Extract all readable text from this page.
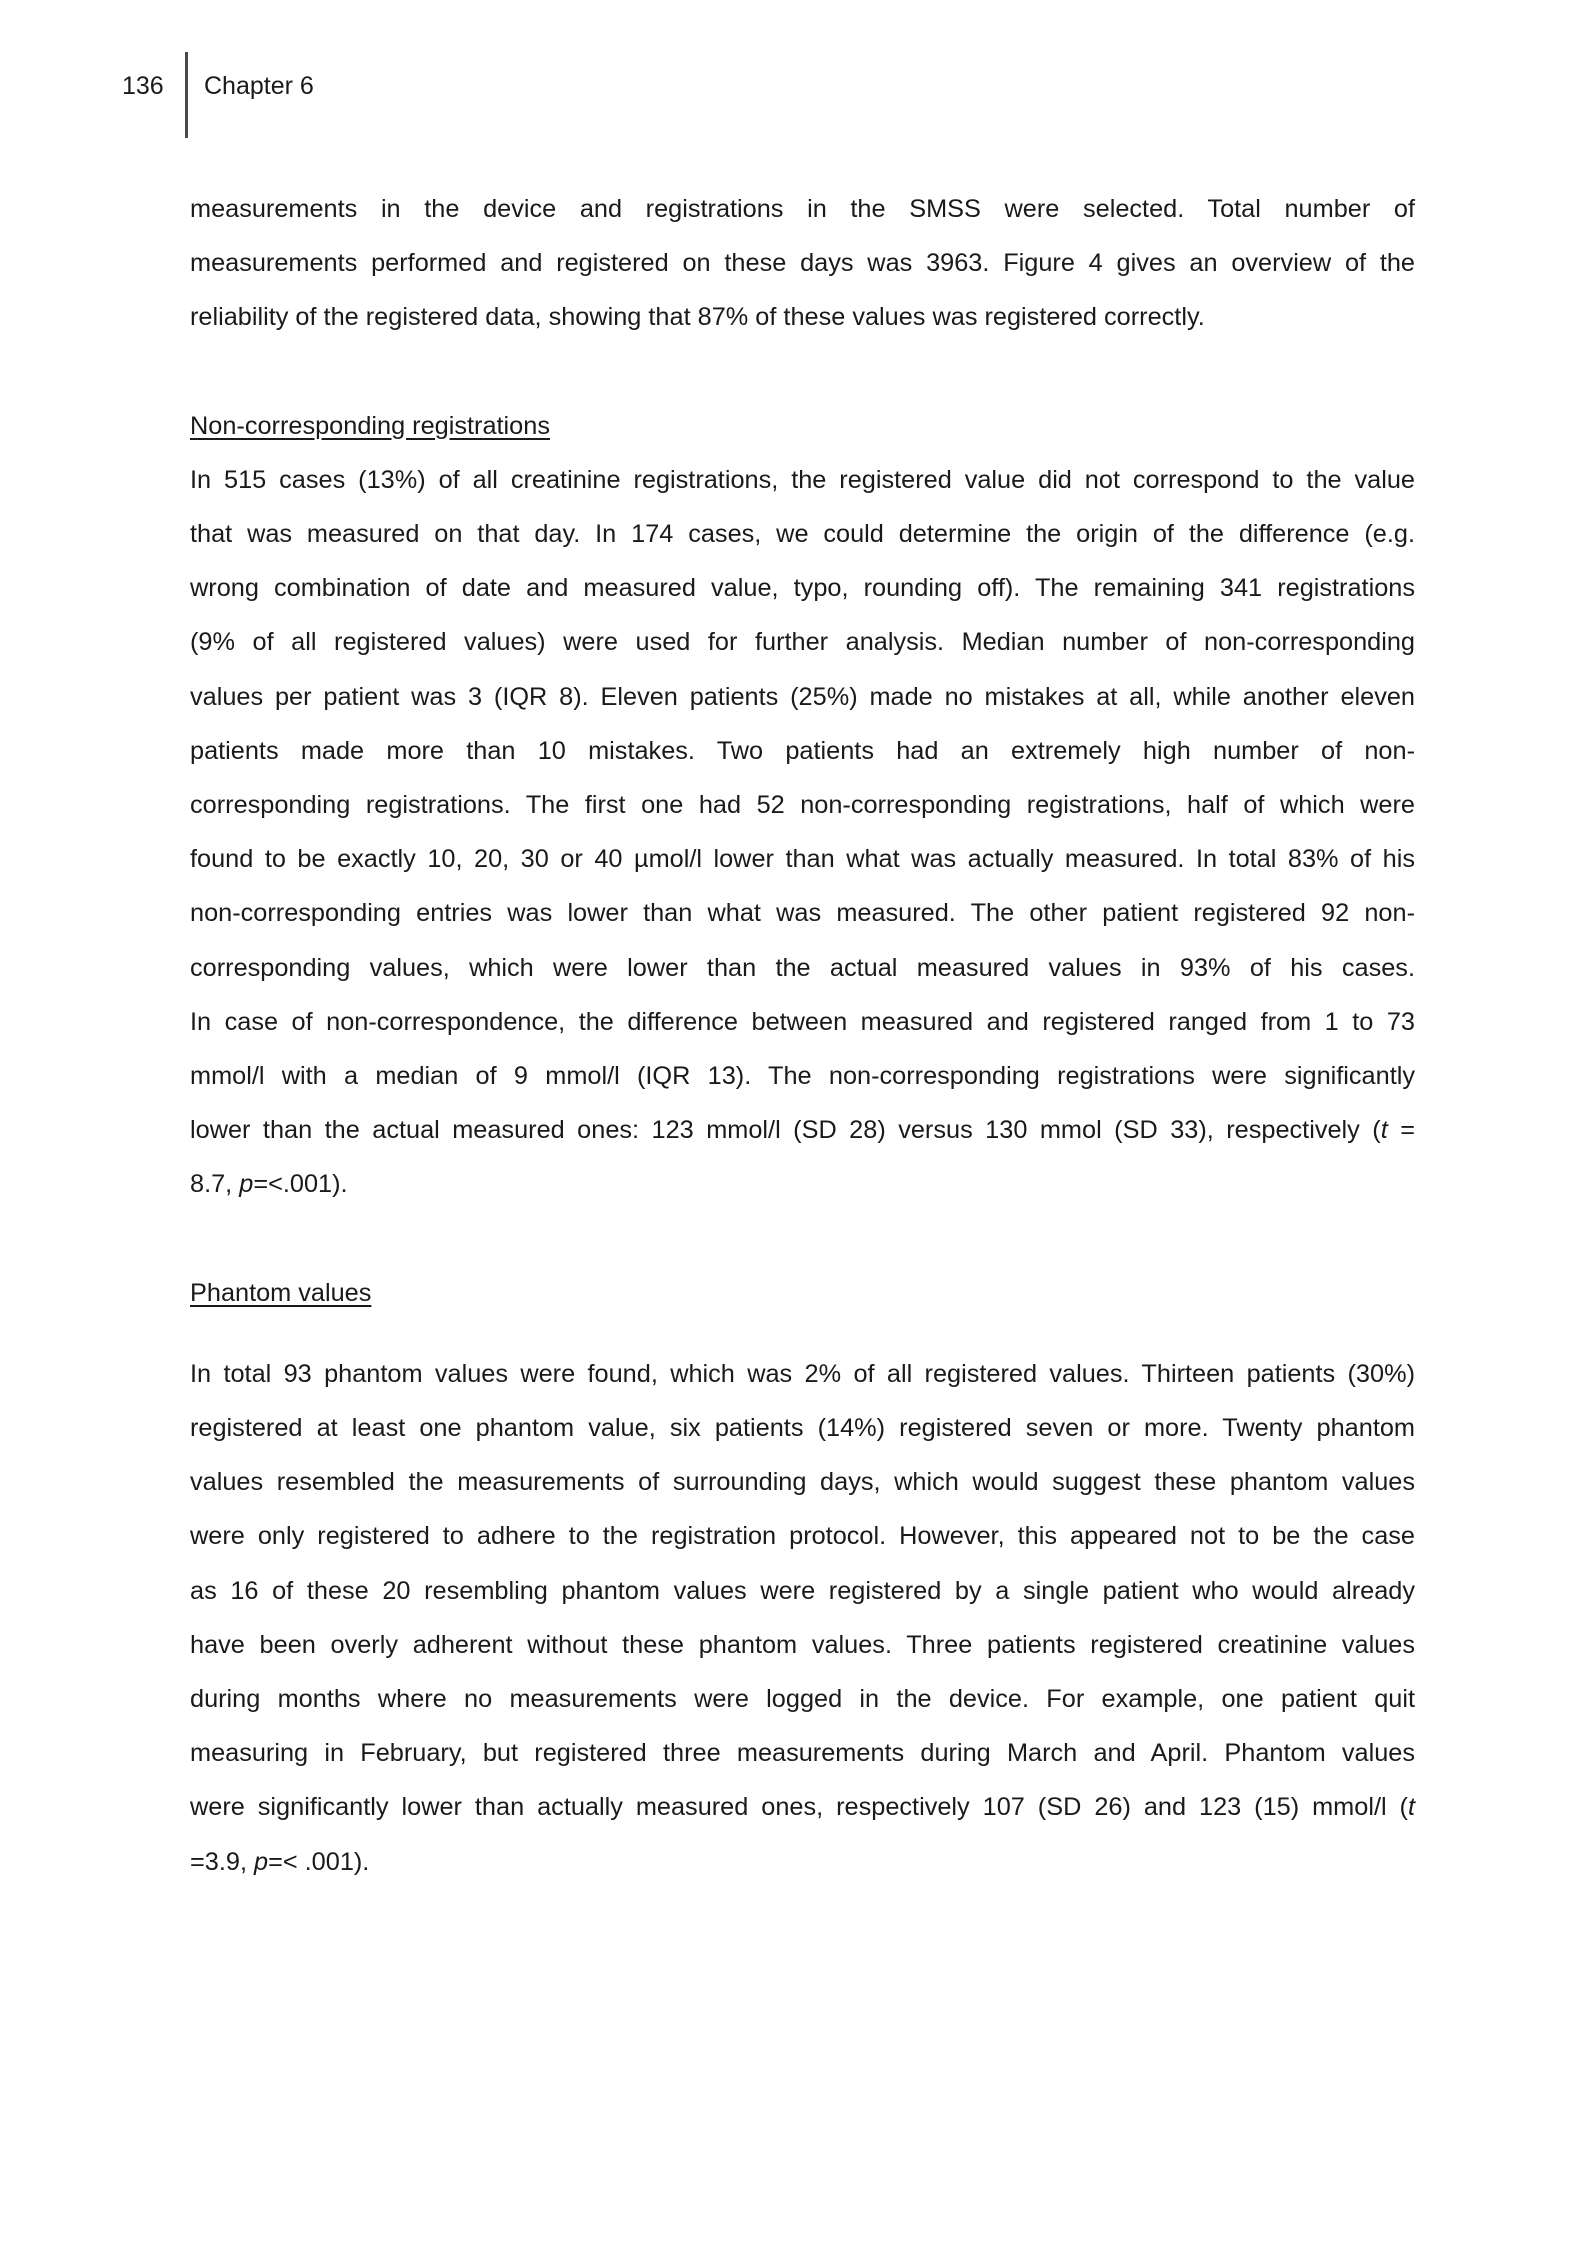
136 Chapter 6

measurements in the device and registrations in the SMSS were selected. Total number of
measurements performed and registered on these days was 3963. Figure 4 gives an overview of the
reliability of the registered data, showing that 87% of these values was registered correctly.

Non-corresponding registrations

In 515 cases (13%) of all creatinine registrations, the registered value did not correspond to the value
that was measured on that day. In 174 cases, we could determine the origin of the difference (e.g.
wrong combination of date and measured value, typo, rounding off). The remaining 341 registrations
(9% of all registered values) were used for further analysis. Median number of non-corresponding
values per patient was 3 (IQR 8). Eleven patients (25%) made no mistakes at all, while another eleven
patients made more than 10 mistakes. Two patients had an extremely high number of non-
corresponding registrations. The first one had 52 non-corresponding registrations, half of which were
found to be exactly 10, 20, 30 or 40 µmol/l lower than what was actually measured. In total 83% of his
non-corresponding entries was lower than what was measured. The other patient registered 92 non-
corresponding values, which were lower than the actual measured values in 93% of his cases.
In case of non-correspondence, the difference between measured and registered ranged from 1 to 73
mmol/l with a median of 9 mmol/l (IQR 13). The non-corresponding registrations were significantly
lower than the actual measured ones: 123 mmol/l (SD 28) versus 130 mmol (SD 33), respectively (t =
8.7, p=<.001).

Phantom values

In total 93 phantom values were found, which was 2% of all registered values. Thirteen patients (30%)
registered at least one phantom value, six patients (14%) registered seven or more. Twenty phantom
values resembled the measurements of surrounding days, which would suggest these phantom values
were only registered to adhere to the registration protocol. However, this appeared not to be the case
as 16 of these 20 resembling phantom values were registered by a single patient who would already
have been overly adherent without these phantom values. Three patients registered creatinine values
during months where no measurements were logged in the device. For example, one patient quit
measuring in February, but registered three measurements during March and April. Phantom values
were significantly lower than actually measured ones, respectively 107 (SD 26) and 123 (15) mmol/l (t
=3.9, p=< .001).
